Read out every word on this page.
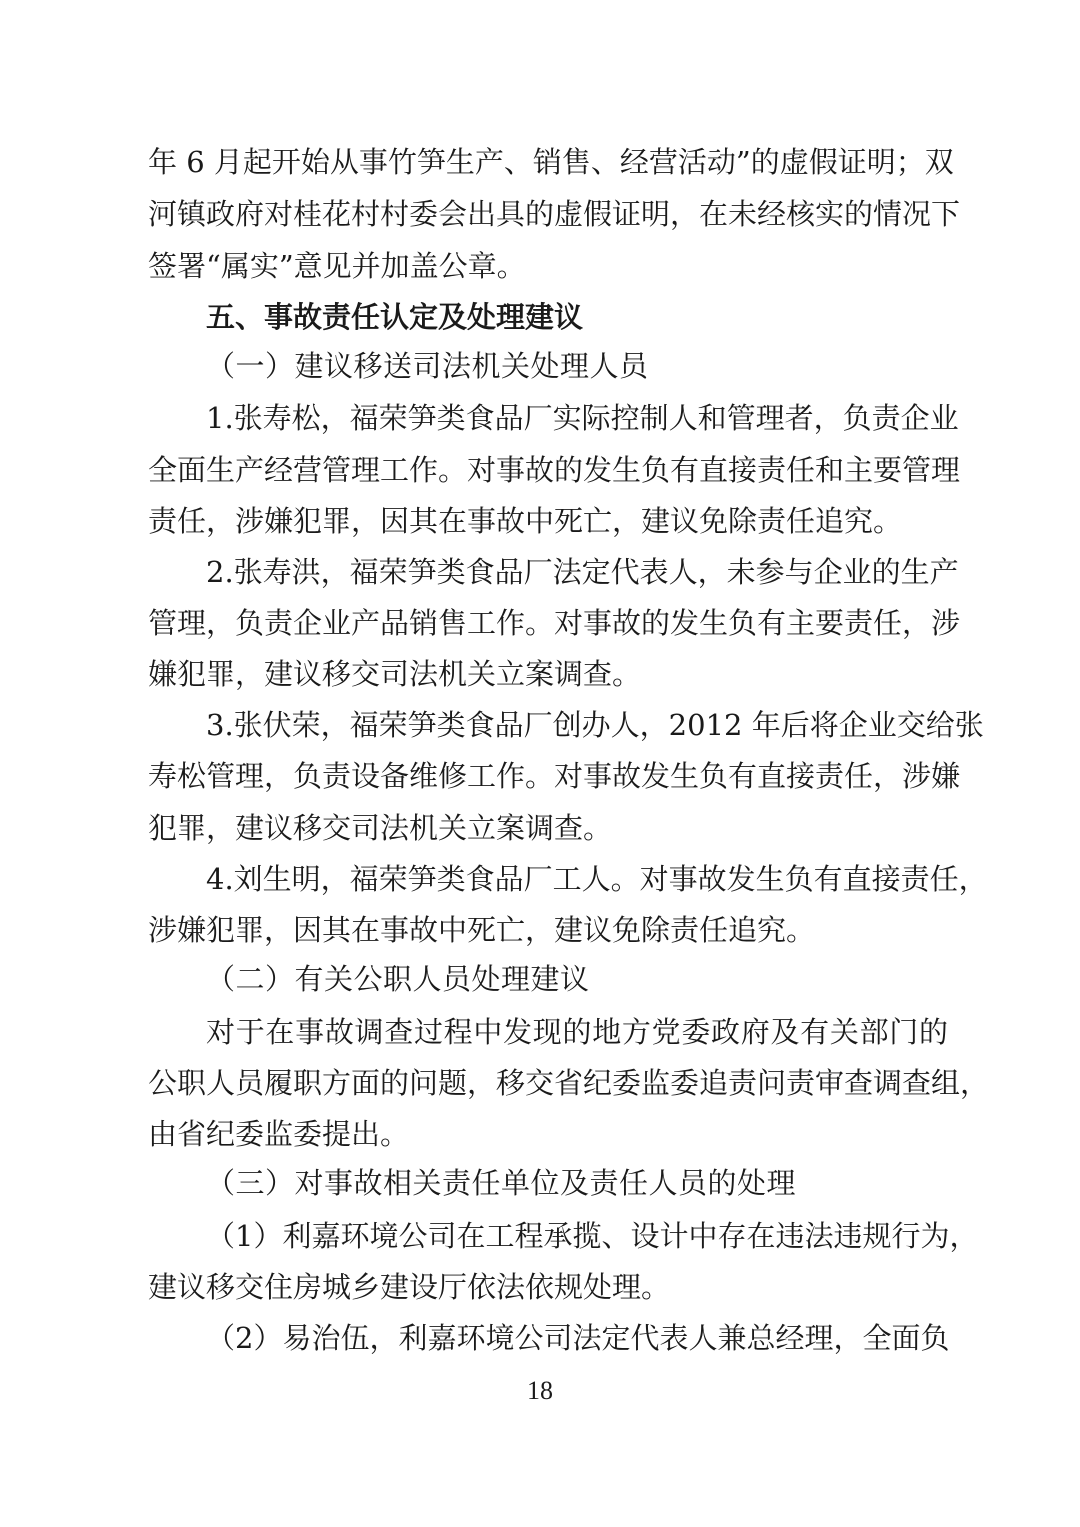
年 6 月起开始从事竹笋生产、销售、经营活动”的虚假证明；双
河镇政府对桂花村村委会出具的虚假证明，在未经核实的情况下
签署“属实”意见并加盖公章。
五、事故责任认定及处理建议
（一）建议移送司法机关处理人员
1.张寿松，福荣笋类食品厂实际控制人和管理者，负责企业
全面生产经营管理工作。对事故的发生负有直接责任和主要管理
责任，涉嫌犯罪，因其在事故中死亡，建议免除责任追究。
2.张寿洪，福荣笋类食品厂法定代表人，未参与企业的生产
管理，负责企业产品销售工作。对事故的发生负有主要责任，涉
嫌犯罪，建议移交司法机关立案调查。
3.张伏荣，福荣笋类食品厂创办人，2012 年后将企业交给张
寿松管理，负责设备维修工作。对事故发生负有直接责任，涉嫌
犯罪，建议移交司法机关立案调查。
4.刘生明，福荣笋类食品厂工人。对事故发生负有直接责任，
涉嫌犯罪，因其在事故中死亡，建议免除责任追究。
（二）有关公职人员处理建议
对于在事故调查过程中发现的地方党委政府及有关部门的
公职人员履职方面的问题，移交省纪委监委追责问责审查调查组，
由省纪委监委提出。
（三）对事故相关责任单位及责任人员的处理
（1）利嘉环境公司在工程承揽、设计中存在违法违规行为，
建议移交住房城乡建设厅依法依规处理。
（2）易治伍，利嘉环境公司法定代表人兼总经理，全面负
18
